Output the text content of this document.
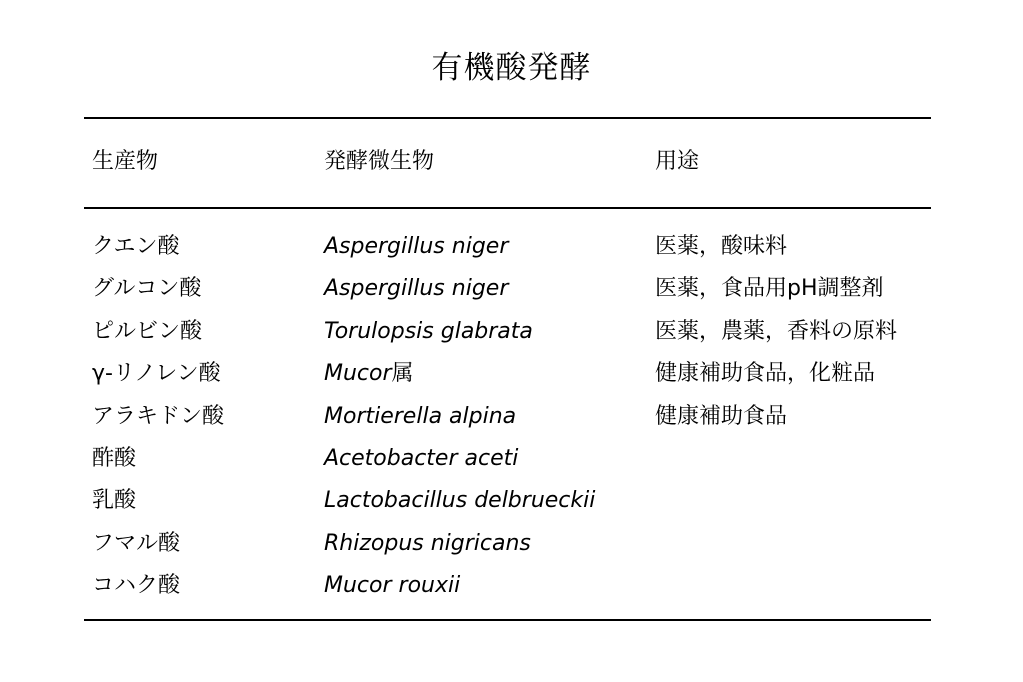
有機酸発酵
生産物	発酵微生物	用途
クエン酸	Aspergillus niger	医薬，酸味料
グルコン酸	Aspergillus niger	医薬，食品用pH調整剤
ピルビン酸	Torulopsis glabrata	医薬，農薬，香料の原料
γ-リノレン酸	Mucor属	健康補助食品，化粧品
アラキドン酸	Mortierella alpina	健康補助食品
酢酸	Acetobacter aceti
乳酸	Lactobacillus delbrueckii
フマル酸	Rhizopus nigricans
コハク酸	Mucor rouxii
